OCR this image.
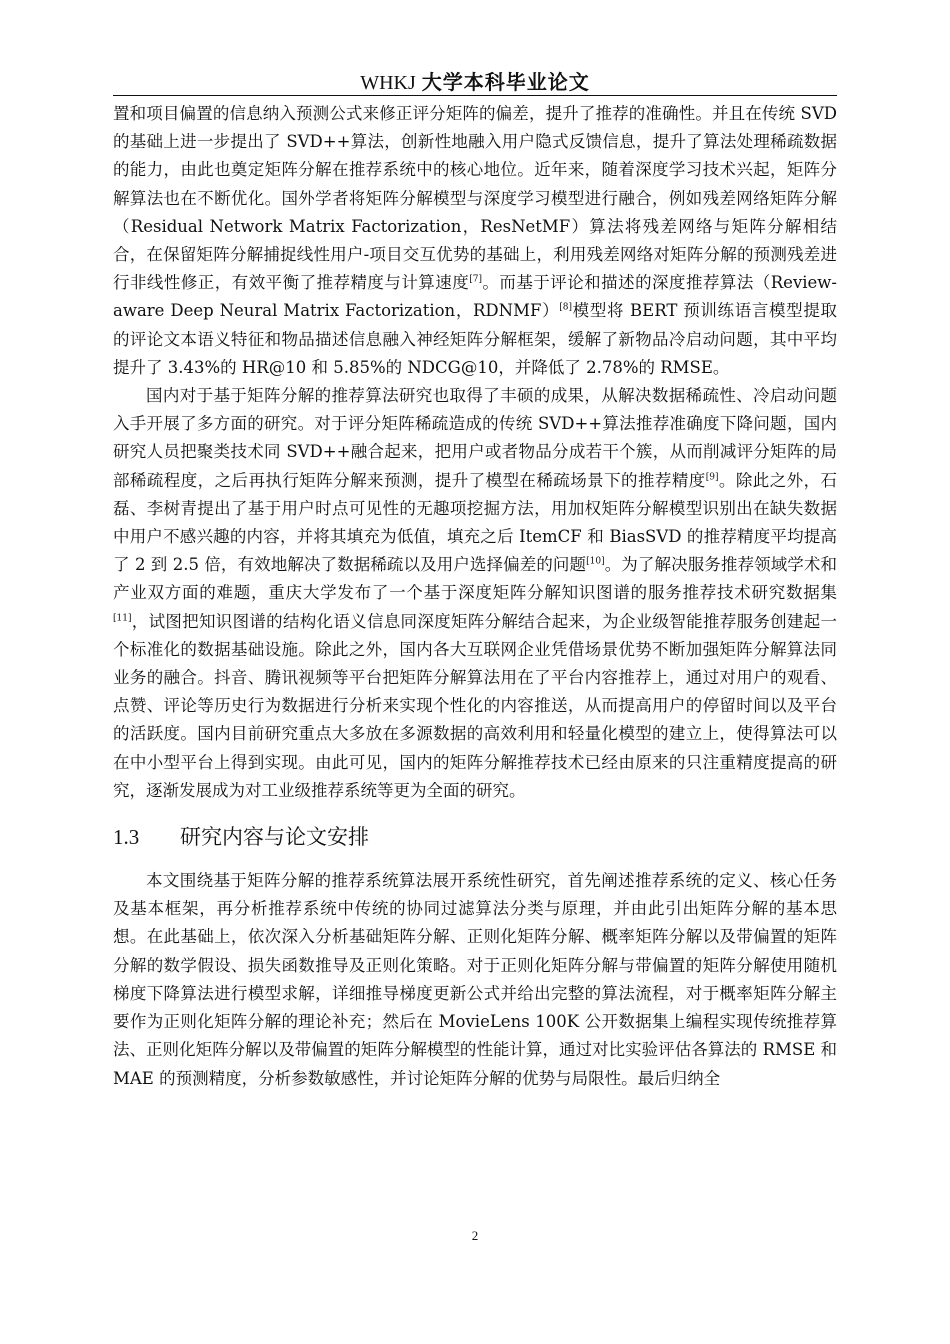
WHKJ 大学本科毕业论文

置和项目偏置的信息纳入预测公式来修正评分矩阵的偏差，提升了推荐的准确性。并且在传统 SVD 的基础上进一步提出了 SVD++算法，创新性地融入用户隐式反馈信息，提升了算法处理稀疏数据的能力，由此也奠定矩阵分解在推荐系统中的核心地位。近年来，随着深度学习技术兴起，矩阵分解算法也在不断优化。国外学者将矩阵分解模型与深度学习模型进行融合，例如残差网络矩阵分解（Residual Network Matrix Factorization，ResNetMF）算法将残差网络与矩阵分解相结合，在保留矩阵分解捕捉线性用户-项目交互优势的基础上，利用残差网络对矩阵分解的预测残差进行非线性修正，有效平衡了推荐精度与计算速度[7]。而基于评论和描述的深度推荐算法（Review-aware Deep Neural Matrix Factorization，RDNMF）[8]模型将 BERT 预训练语言模型提取的评论文本语义特征和物品描述信息融入神经矩阵分解框架，缓解了新物品冷启动问题，其中平均提升了 3.43%的 HR@10 和 5.85%的 NDCG@10，并降低了 2.78%的 RMSE。

国内对于基于矩阵分解的推荐算法研究也取得了丰硕的成果，从解决数据稀疏性、冷启动问题入手开展了多方面的研究。对于评分矩阵稀疏造成的传统 SVD++算法推荐准确度下降问题，国内研究人员把聚类技术同 SVD++融合起来，把用户或者物品分成若干个簇，从而削减评分矩阵的局部稀疏程度，之后再执行矩阵分解来预测，提升了模型在稀疏场景下的推荐精度[9]。除此之外，石磊、李树青提出了基于用户时点可见性的无趣项挖掘方法，用加权矩阵分解模型识别出在缺失数据中用户不感兴趣的内容，并将其填充为低值，填充之后 ItemCF 和 BiasSVD 的推荐精度平均提高了 2 到 2.5 倍，有效地解决了数据稀疏以及用户选择偏差的问题[10]。为了解决服务推荐领域学术和产业双方面的难题，重庆大学发布了一个基于深度矩阵分解知识图谱的服务推荐技术研究数据集[11]，试图把知识图谱的结构化语义信息同深度矩阵分解结合起来，为企业级智能推荐服务创建起一个标准化的数据基础设施。除此之外，国内各大互联网企业凭借场景优势不断加强矩阵分解算法同业务的融合。抖音、腾讯视频等平台把矩阵分解算法用在了平台内容推荐上，通过对用户的观看、点赞、评论等历史行为数据进行分析来实现个性化的内容推送，从而提高用户的停留时间以及平台的活跃度。国内目前研究重点大多放在多源数据的高效利用和轻量化模型的建立上，使得算法可以在中小型平台上得到实现。由此可见，国内的矩阵分解推荐技术已经由原来的只注重精度提高的研究，逐渐发展成为对工业级推荐系统等更为全面的研究。

1.3	研究内容与论文安排

本文围绕基于矩阵分解的推荐系统算法展开系统性研究，首先阐述推荐系统的定义、核心任务及基本框架，再分析推荐系统中传统的协同过滤算法分类与原理，并由此引出矩阵分解的基本思想。在此基础上，依次深入分析基础矩阵分解、正则化矩阵分解、概率矩阵分解以及带偏置的矩阵分解的数学假设、损失函数推导及正则化策略。对于正则化矩阵分解与带偏置的矩阵分解使用随机梯度下降算法进行模型求解，详细推导梯度更新公式并给出完整的算法流程，对于概率矩阵分解主要作为正则化矩阵分解的理论补充；然后在 MovieLens 100K 公开数据集上编程实现传统推荐算法、正则化矩阵分解以及带偏置的矩阵分解模型的性能计算，通过对比实验评估各算法的 RMSE 和 MAE 的预测精度，分析参数敏感性，并讨论矩阵分解的优势与局限性。最后归纳全

2
